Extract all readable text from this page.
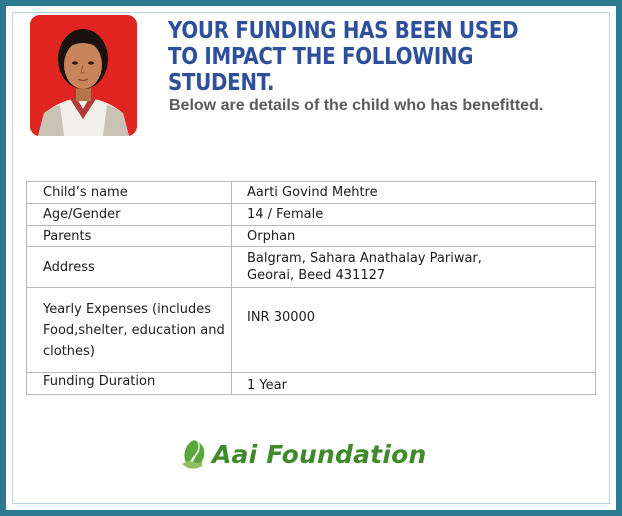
YOUR FUNDING HAS BEEN USED TO IMPACT THE FOLLOWING STUDENT.

Below are details of the child who has benefitted.

Child’s name	Aarti Govind Mehtre
Age/Gender	14 / Female
Parents	Orphan
Address	Balgram, Sahara Anathalay Pariwar,
Georai, Beed 431127

Yearly Expenses (includes Food,shelter, education and clothes)	INR 30000
Funding Duration	1 Year
Aai Foundation
